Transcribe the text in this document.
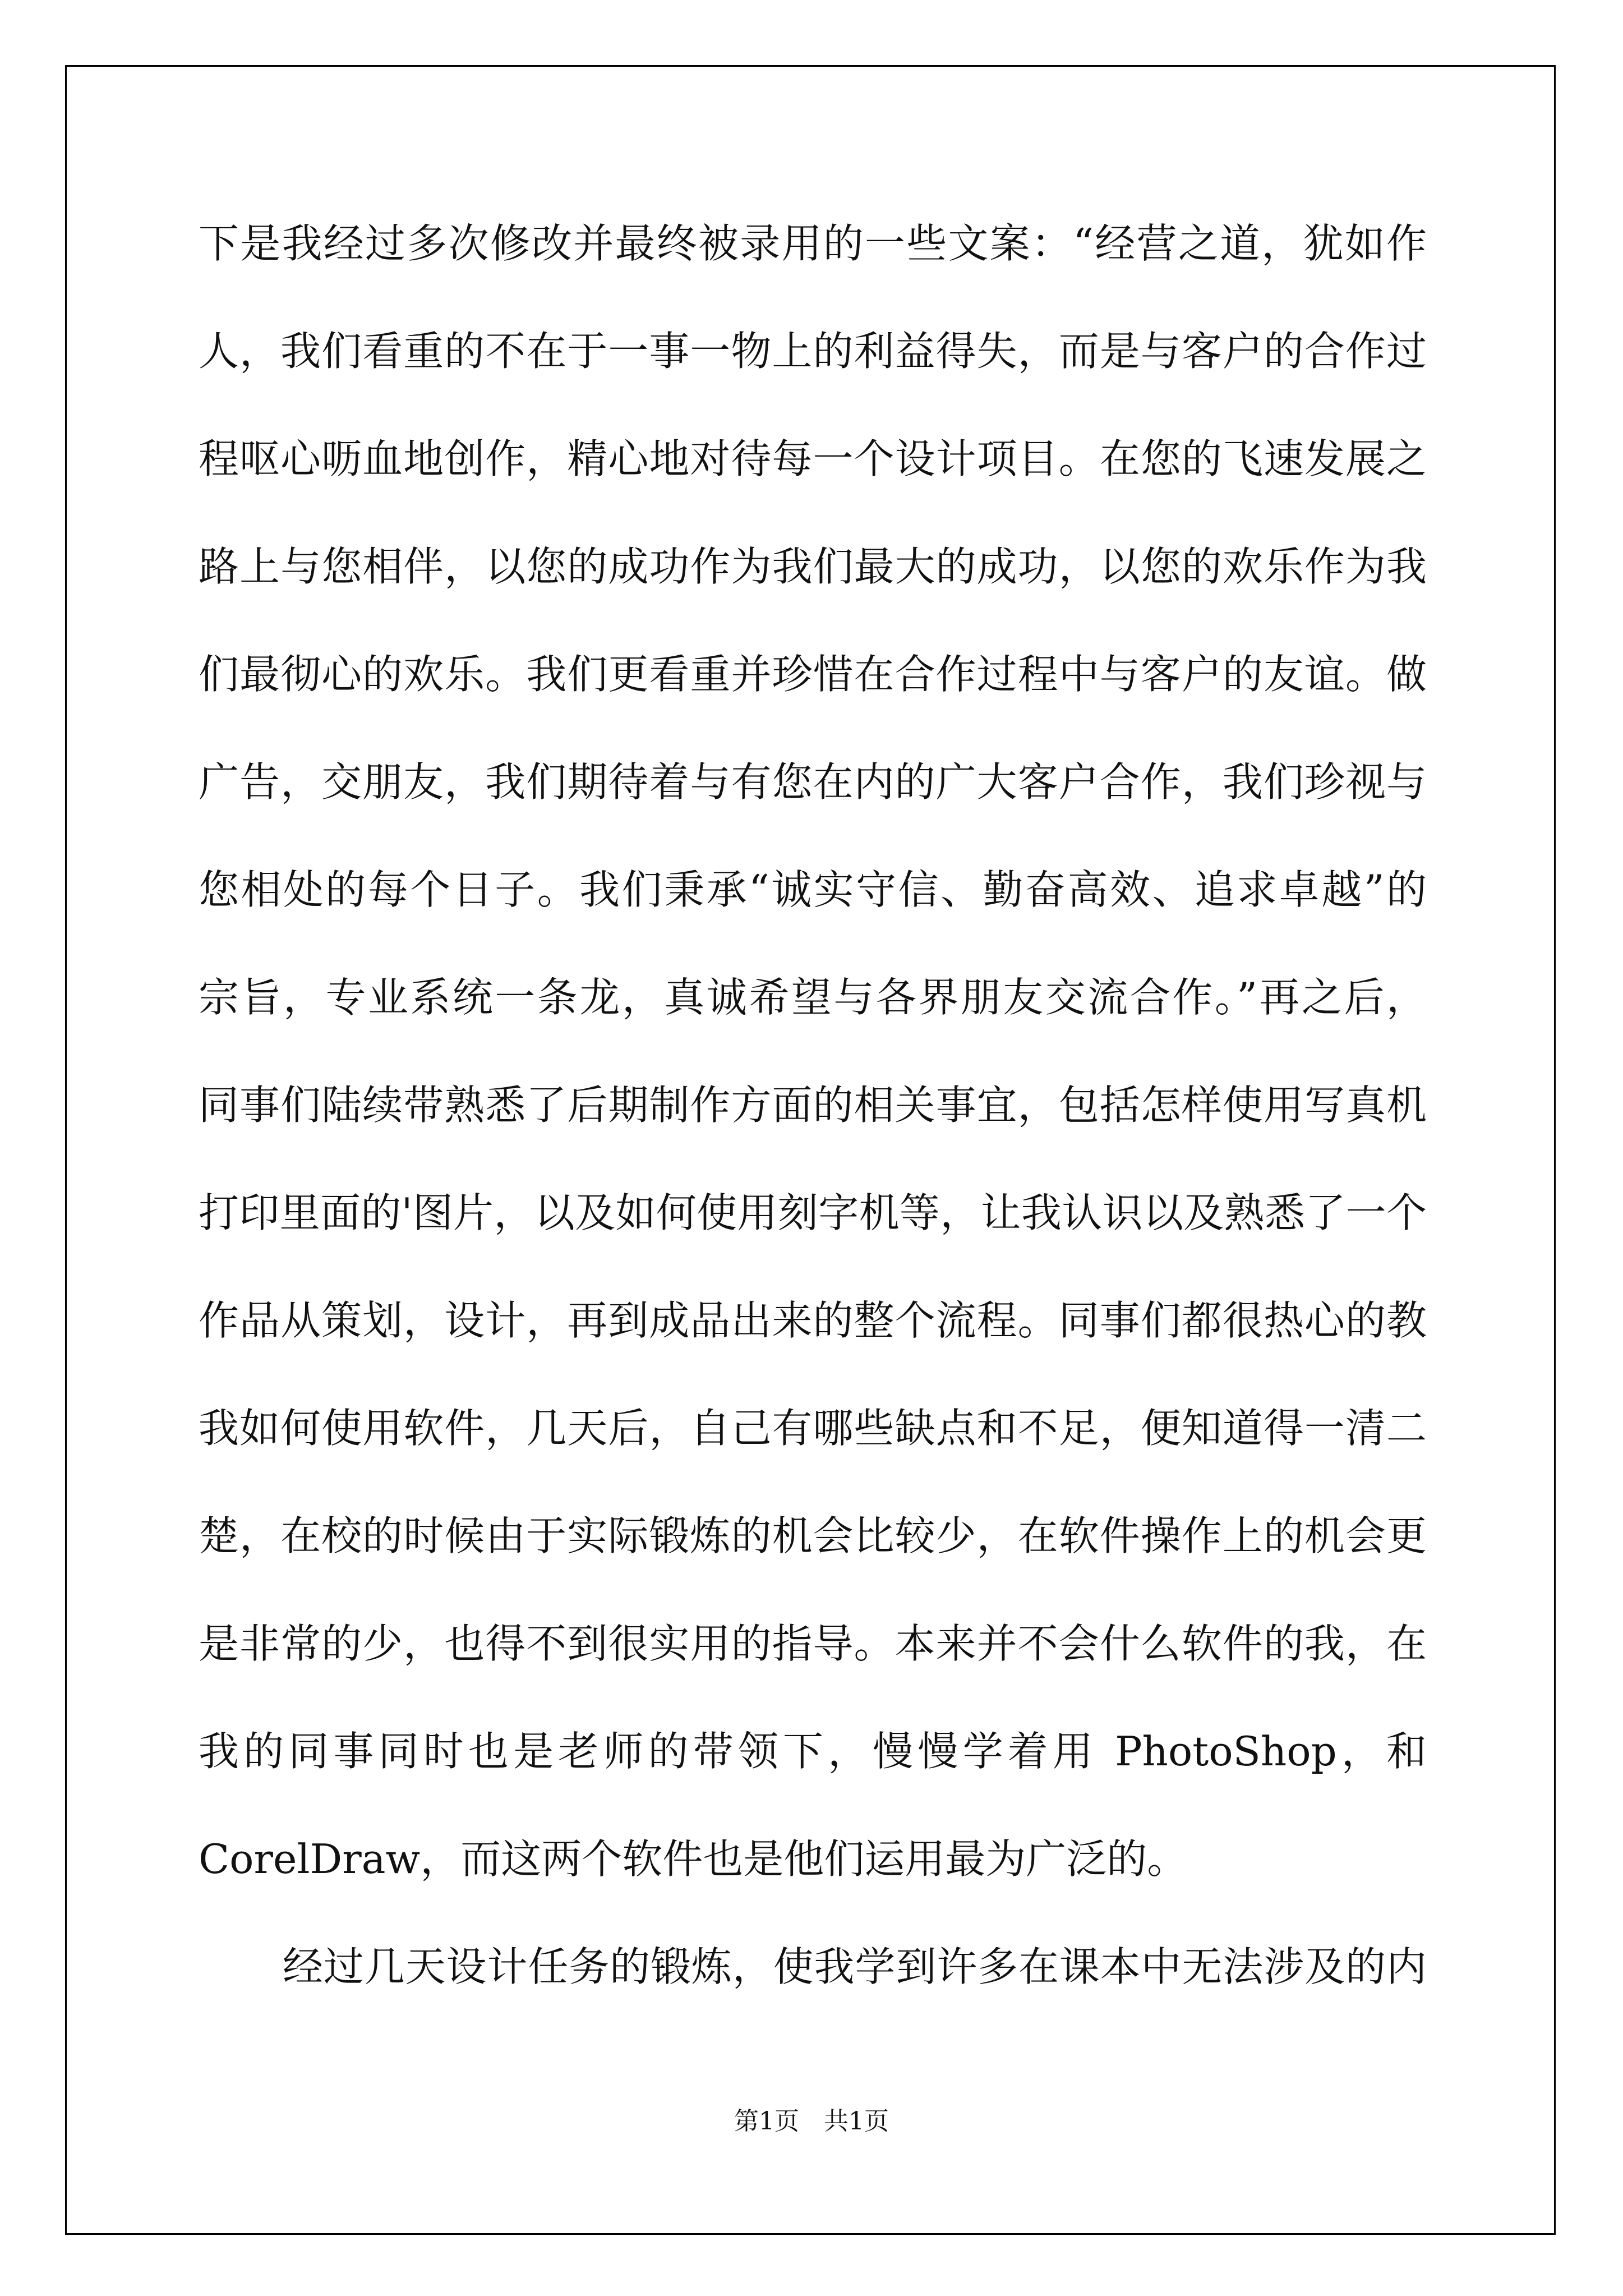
下是我经过多次修改并最终被录用的一些文案：“经营之道，犹如作
人，我们看重的不在于一事一物上的利益得失，而是与客户的合作过
程呕心呖血地创作，精心地对待每一个设计项目。在您的飞速发展之
路上与您相伴，以您的成功作为我们最大的成功，以您的欢乐作为我
们最彻心的欢乐。我们更看重并珍惜在合作过程中与客户的友谊。做
广告，交朋友，我们期待着与有您在内的广大客户合作，我们珍视与
您相处的每个日子。我们秉承“诚实守信、勤奋高效、追求卓越”的
宗旨，专业系统一条龙，真诚希望与各界朋友交流合作。”再之后，
同事们陆续带熟悉了后期制作方面的相关事宜，包括怎样使用写真机
打印里面的'图片，以及如何使用刻字机等，让我认识以及熟悉了一个
作品从策划，设计，再到成品出来的整个流程。同事们都很热心的教
我如何使用软件，几天后，自己有哪些缺点和不足，便知道得一清二
楚，在校的时候由于实际锻炼的机会比较少，在软件操作上的机会更
是非常的少，也得不到很实用的指导。本来并不会什么软件的我，在
我的同事同时也是老师的带领下，慢慢学着用 PhotoShop，和
CorelDraw，而这两个软件也是他们运用最为广泛的。
经过几天设计任务的锻炼，使我学到许多在课本中无法涉及的内
第1页　共1页
